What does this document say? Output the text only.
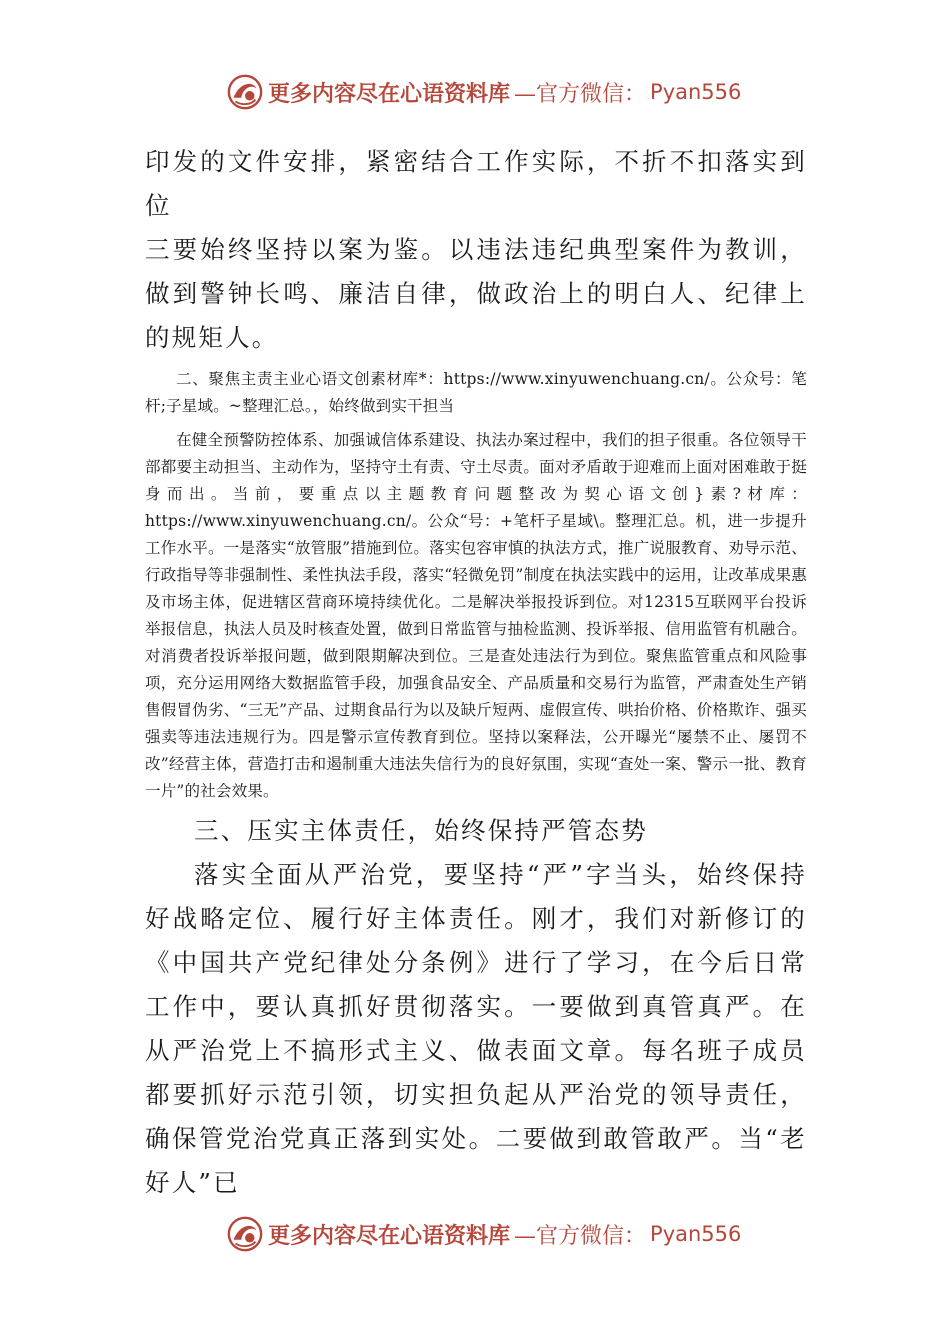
更多内容尽在心语资料库 —官方微信： Pyan556

印发的文件安排，紧密结合工作实际，不折不扣落实到位

三要始终坚持以案为鉴。以违法违纪典型案件为教训，做到警钟长鸣、廉洁自律，做政治上的明白人、纪律上的规矩人。

二、聚焦主责主业心语文创素材库*：https://www.xinyuwenchuang.cn/。公众号：笔杆;子星域。~整理汇总。，始终做到实干担当

在健全预警防控体系、加强诚信体系建设、执法办案过程中，我们的担子很重。各位领导干部都要主动担当、主动作为，坚持守土有责、守土尽责。面对矛盾敢于迎难而上面对困难敢于挺身而出。当前，要重点以主题教育问题整改为契心语文创}素?材库：https://www.xinyuwenchuang.cn/。公众“号：+笔杆子星域\。整理汇总。机，进一步提升工作水平。一是落实“放管服”措施到位。落实包容审慎的执法方式，推广说服教育、劝导示范、行政指导等非强制性、柔性执法手段，落实“轻微免罚”制度在执法实践中的运用，让改革成果惠及市场主体，促进辖区营商环境持续优化。二是解决举报投诉到位。对12315互联网平台投诉举报信息，执法人员及时核查处置，做到日常监管与抽检监测、投诉举报、信用监管有机融合。对消费者投诉举报问题，做到限期解决到位。三是查处违法行为到位。聚焦监管重点和风险事项，充分运用网络大数据监管手段，加强食品安全、产品质量和交易行为监管，严肃查处生产销售假冒伪劣、“三无”产品、过期食品行为以及缺斤短两、虚假宣传、哄抬价格、价格欺诈、强买强卖等违法违规行为。四是警示宣传教育到位。坚持以案释法，公开曝光“屡禁不止、屡罚不改”经营主体，营造打击和遏制重大违法失信行为的良好氛围，实现“查处一案、警示一批、教育一片”的社会效果。

三、压实主体责任，始终保持严管态势

落实全面从严治党，要坚持“严”字当头，始终保持好战略定位、履行好主体责任。刚才，我们对新修订的《中国共产党纪律处分条例》进行了学习，在今后日常工作中，要认真抓好贯彻落实。一要做到真管真严。在从严治党上不搞形式主义、做表面文章。每名班子成员都要抓好示范引领，切实担负起从严治党的领导责任，确保管党治党真正落到实处。二要做到敢管敢严。当“老好人”已

更多内容尽在心语资料库 —官方微信： Pyan556
